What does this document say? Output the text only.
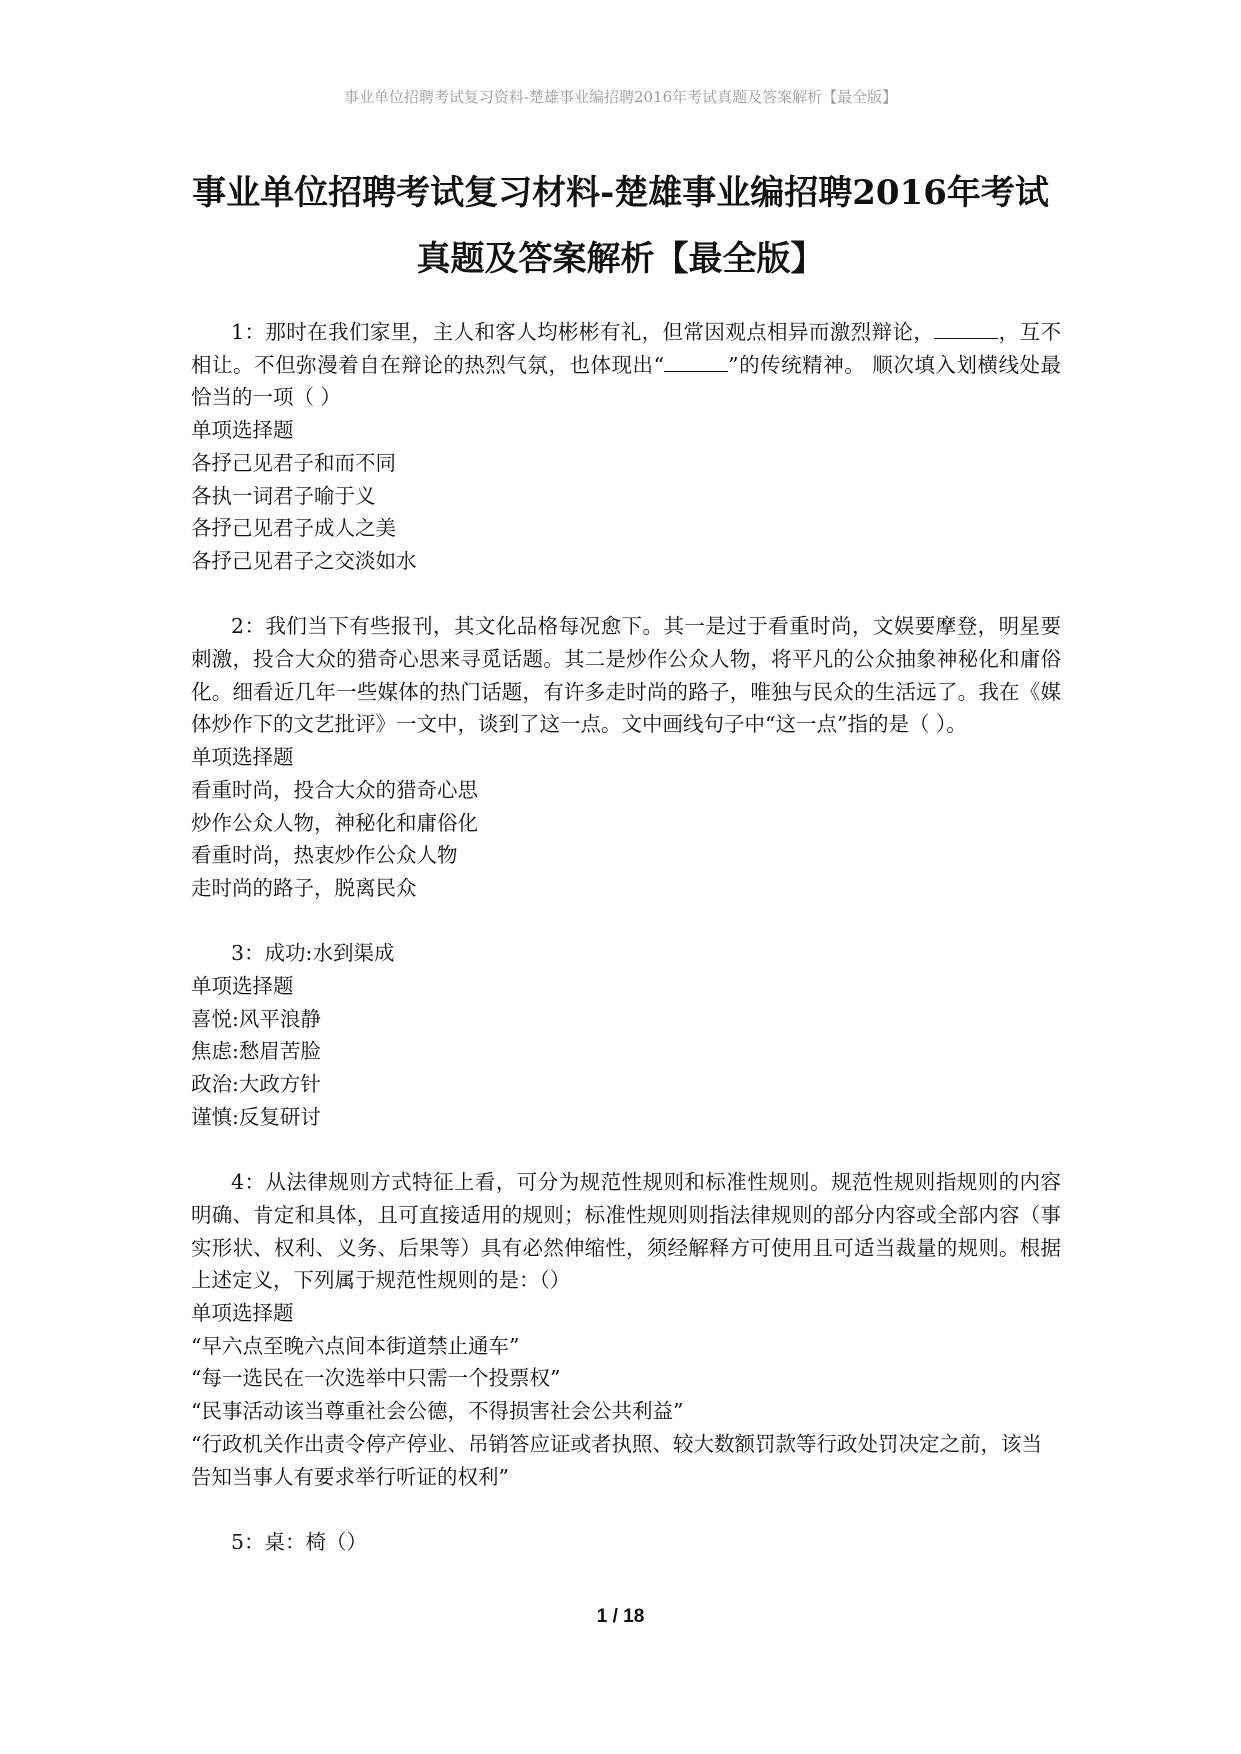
事业单位招聘考试复习资料-楚雄事业编招聘2016年考试真题及答案解析【最全版】
事业单位招聘考试复习材料-楚雄事业编招聘2016年考试
真题及答案解析【最全版】
1：那时在我们家里，主人和客人均彬彬有礼，但常因观点相异而激烈辩论，	，互不相让。不但弥漫着自在辩论的热烈气氛，也体现出“	”的传统精神。 顺次填入划横线处最恰当的一项（ ）
单项选择题
各抒己见君子和而不同
各执一词君子喻于义
各抒己见君子成人之美
各抒己见君子之交淡如水
2：我们当下有些报刊，其文化品格每况愈下。其一是过于看重时尚，文娱要摩登，明星要刺激，投合大众的猎奇心思来寻觅话题。其二是炒作公众人物，将平凡的公众抽象神秘化和庸俗化。细看近几年一些媒体的热门话题，有许多走时尚的路子，唯独与民众的生活远了。我在《媒体炒作下的文艺批评》一文中，谈到了这一点。文中画线句子中“这一点”指的是（ ）。
单项选择题
看重时尚，投合大众的猎奇心思
炒作公众人物，神秘化和庸俗化
看重时尚，热衷炒作公众人物
走时尚的路子，脱离民众
3：成功:水到渠成
单项选择题
喜悦:风平浪静
焦虑:愁眉苦脸
政治:大政方针
谨慎:反复研讨
4：从法律规则方式特征上看，可分为规范性规则和标准性规则。规范性规则指规则的内容明确、肯定和具体，且可直接适用的规则；标准性规则则指法律规则的部分内容或全部内容（事实形状、权利、义务、后果等）具有必然伸缩性，须经解释方可使用且可适当裁量的规则。根据上述定义，下列属于规范性规则的是：（）
单项选择题
“早六点至晚六点间本街道禁止通车”
“每一选民在一次选举中只需一个投票权”
“民事活动该当尊重社会公德，不得损害社会公共利益”
“行政机关作出责令停产停业、吊销答应证或者执照、较大数额罚款等行政处罚决定之前，该当告知当事人有要求举行听证的权利”
5：桌：椅（）
1 / 18
